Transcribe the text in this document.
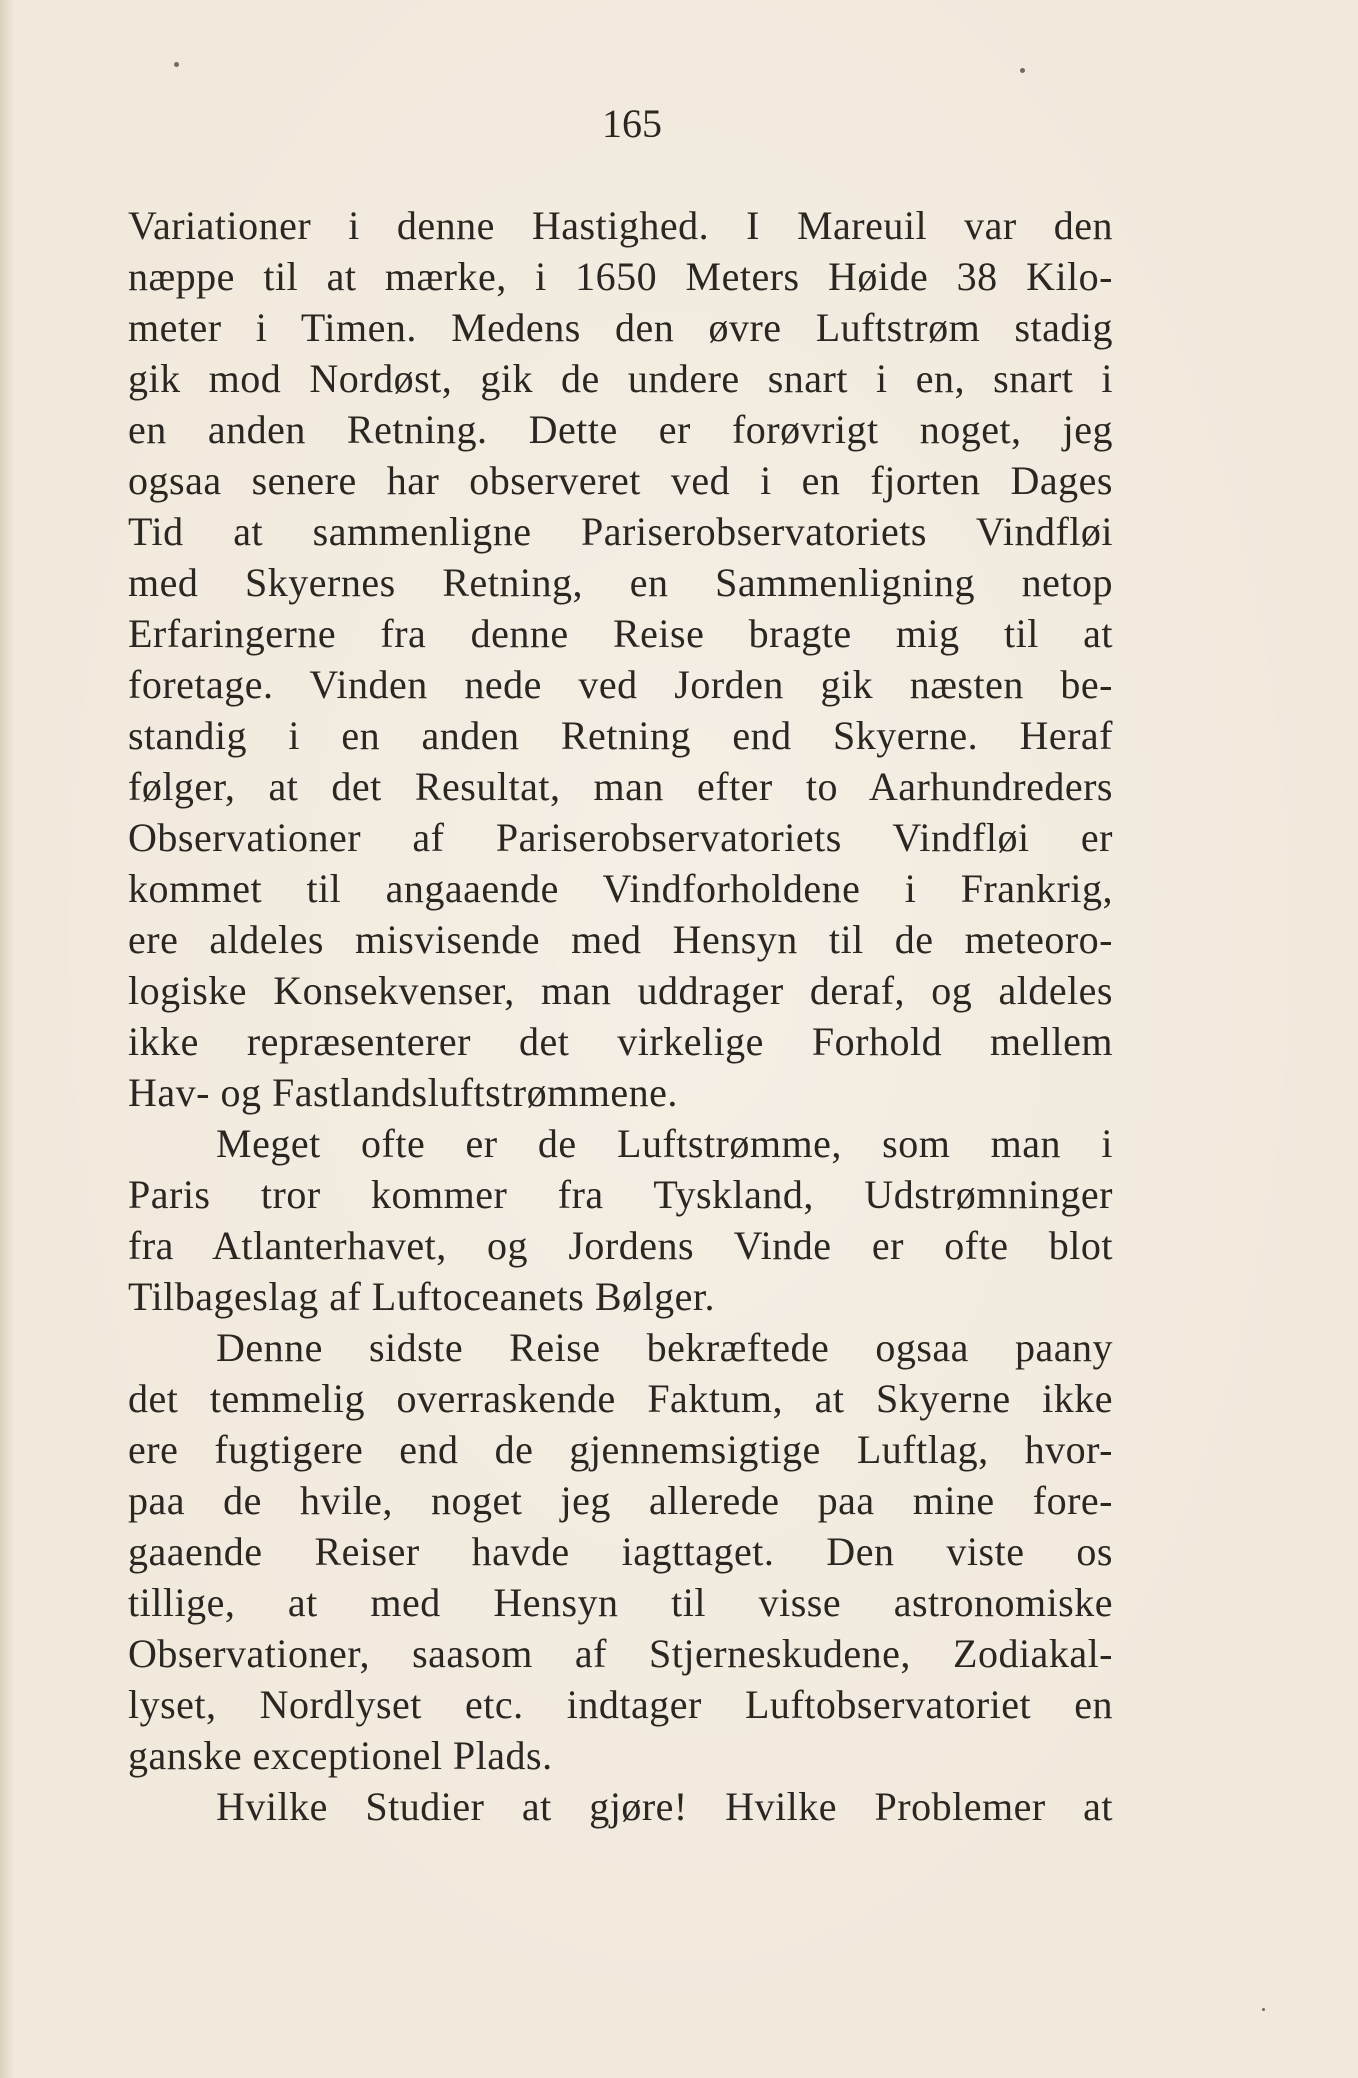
165
Variationer i denne Hastighed. I Mareuil var den
næppe til at mærke, i 1650 Meters Høide 38 Kilo-
meter i Timen. Medens den øvre Luftstrøm stadig
gik mod Nordøst, gik de undere snart i en, snart i
en anden Retning. Dette er forøvrigt noget, jeg
ogsaa senere har observeret ved i en fjorten Dages
Tid at sammenligne Pariserobservatoriets Vindfløi
med Skyernes Retning, en Sammenligning netop
Erfaringerne fra denne Reise bragte mig til at
foretage. Vinden nede ved Jorden gik næsten be-
standig i en anden Retning end Skyerne. Heraf
følger, at det Resultat, man efter to Aarhundreders
Observationer af Pariserobservatoriets Vindfløi er
kommet til angaaende Vindforholdene i Frankrig,
ere aldeles misvisende med Hensyn til de meteoro-
logiske Konsekvenser, man uddrager deraf, og aldeles
ikke repræsenterer det virkelige Forhold mellem
Hav- og Fastlandsluftstrømmene.
Meget ofte er de Luftstrømme, som man i
Paris tror kommer fra Tyskland, Udstrømninger
fra Atlanterhavet, og Jordens Vinde er ofte blot
Tilbageslag af Luftoceanets Bølger.
Denne sidste Reise bekræftede ogsaa paany
det temmelig overraskende Faktum, at Skyerne ikke
ere fugtigere end de gjennemsigtige Luftlag, hvor-
paa de hvile, noget jeg allerede paa mine fore-
gaaende Reiser havde iagttaget. Den viste os
tillige, at med Hensyn til visse astronomiske
Observationer, saasom af Stjerneskudene, Zodiakal-
lyset, Nordlyset etc. indtager Luftobservatoriet en
ganske exceptionel Plads.
Hvilke Studier at gjøre! Hvilke Problemer at
